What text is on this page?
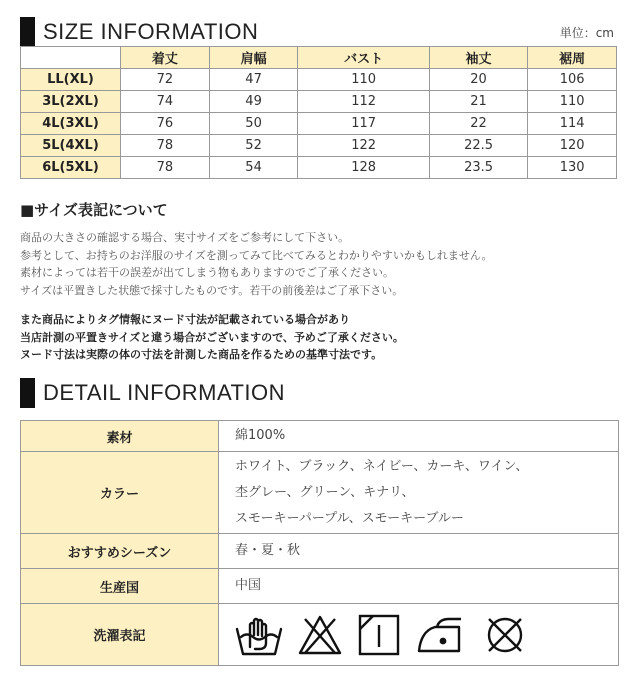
SIZE INFORMATION	単位：cm
	着丈	肩幅	バスト	袖丈	裾周
LL(XL)	72	47	110	20	106
3L(2XL)	74	49	112	21	110
4L(3XL)	76	50	117	22	114
5L(4XL)	78	52	122	22.5	120
6L(5XL)	78	54	128	23.5	130
■サイズ表記について
商品の大きさの確認する場合、実寸サイズをご参考にして下さい。
参考として、お持ちのお洋服のサイズを測ってみて比べてみるとわかりやすいかもしれません。
素材によっては若干の誤差が出てしまう物もありますのでご了承ください。
サイズは平置きした状態で採寸したものです。若干の前後差はご了承下さい。
また商品によりタグ情報にヌード寸法が記載されている場合があり
当店計測の平置きサイズと違う場合がございますので、予めご了承ください。
ヌード寸法は実際の体の寸法を計測した商品を作るための基準寸法です。
DETAIL INFORMATION
素材	綿100%
カラー	ホワイト、ブラック、ネイビー、カーキ、ワイン、
杢グレー、グリーン、キナリ、
スモーキーパープル、スモーキーブルー

おすすめシーズン	春・夏・秋
生産国	中国
洗濯表記	
